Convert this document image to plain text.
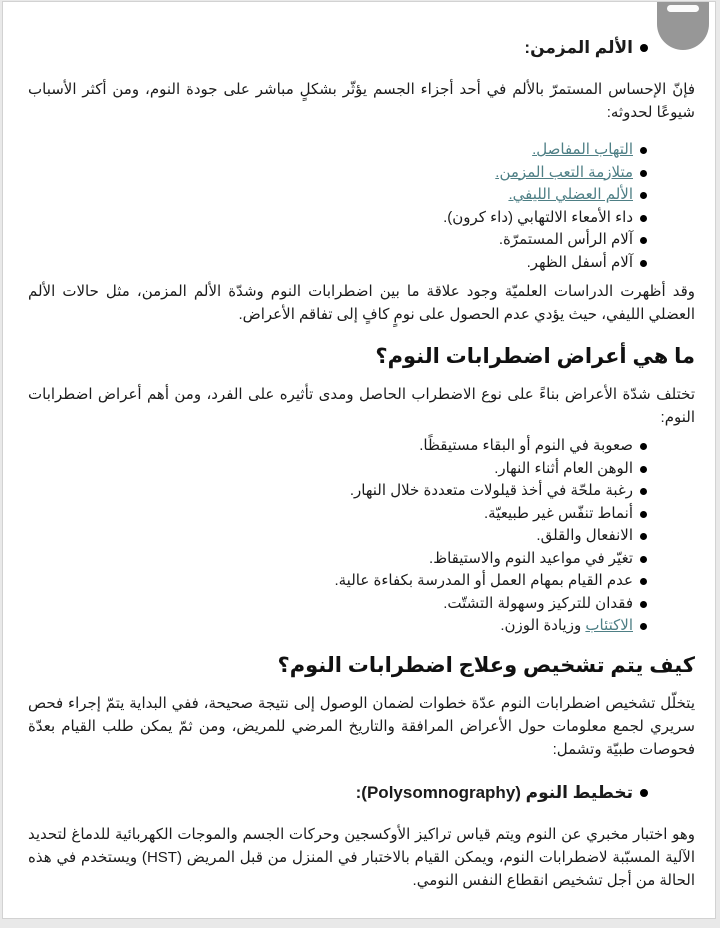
الألم المزمن:

فإنّ الإحساس المستمرّ بالألم في أحد أجزاء الجسم يؤثّر بشكلٍ مباشر على جودة النوم، ومن أكثر الأسباب شيوعًا لحدوثه:

التهاب المفاصل.
متلازمة التعب المزمن.
الألم العضلي الليفي.
داء الأمعاء الالتهابي (داء كرون).
آلام الرأس المستمرّة.
آلام أسفل الظهر.

وقد أظهرت الدراسات العلميّة وجود علاقة ما بين اضطرابات النوم وشدّة الألم المزمن، مثل حالات الألم العضلي الليفي، حيث يؤدي عدم الحصول على نومٍ كافٍ إلى تفاقم الأعراض.

ما هي أعراض اضطرابات النوم؟

تختلف شدّة الأعراض بناءً على نوع الاضطراب الحاصل ومدى تأثيره على الفرد، ومن أهم أعراض اضطرابات النوم:

صعوبة في النوم أو البقاء مستيقظًا.
الوهن العام أثناء النهار.
رغبة ملحّة في أخذ قيلولات متعددة خلال النهار.
أنماط تنفّس غير طبيعيّة.
الانفعال والقلق.
تغيّر في مواعيد النوم والاستيقاظ.
عدم القيام بمهام العمل أو المدرسة بكفاءة عالية.
فقدان للتركيز وسهولة التشتّت.
الاكتئاب وزيادة الوزن.
كيف يتم تشخيص وعلاج اضطرابات النوم؟

يتخلّل تشخيص اضطرابات النوم عدّة خطوات لضمان الوصول إلى نتيجة صحيحة، ففي البداية يتمّ إجراء فحص سريري لجمع معلومات حول الأعراض المرافقة والتاريخ المرضي للمريض، ومن ثمّ يمكن طلب القيام بعدّة فحوصات طبيّة وتشمل:

تخطيط النوم (Polysomnography):

وهو اختبار مخبري عن النوم ويتم قياس تراكيز الأوكسجين وحركات الجسم والموجات الكهربائية للدماغ لتحديد الآلية المسبّبة لاضطرابات النوم، ويمكن القيام بالاختبار في المنزل من قبل المريض (HST) ويستخدم في هذه الحالة من أجل تشخيص انقطاع النفس النومي.
